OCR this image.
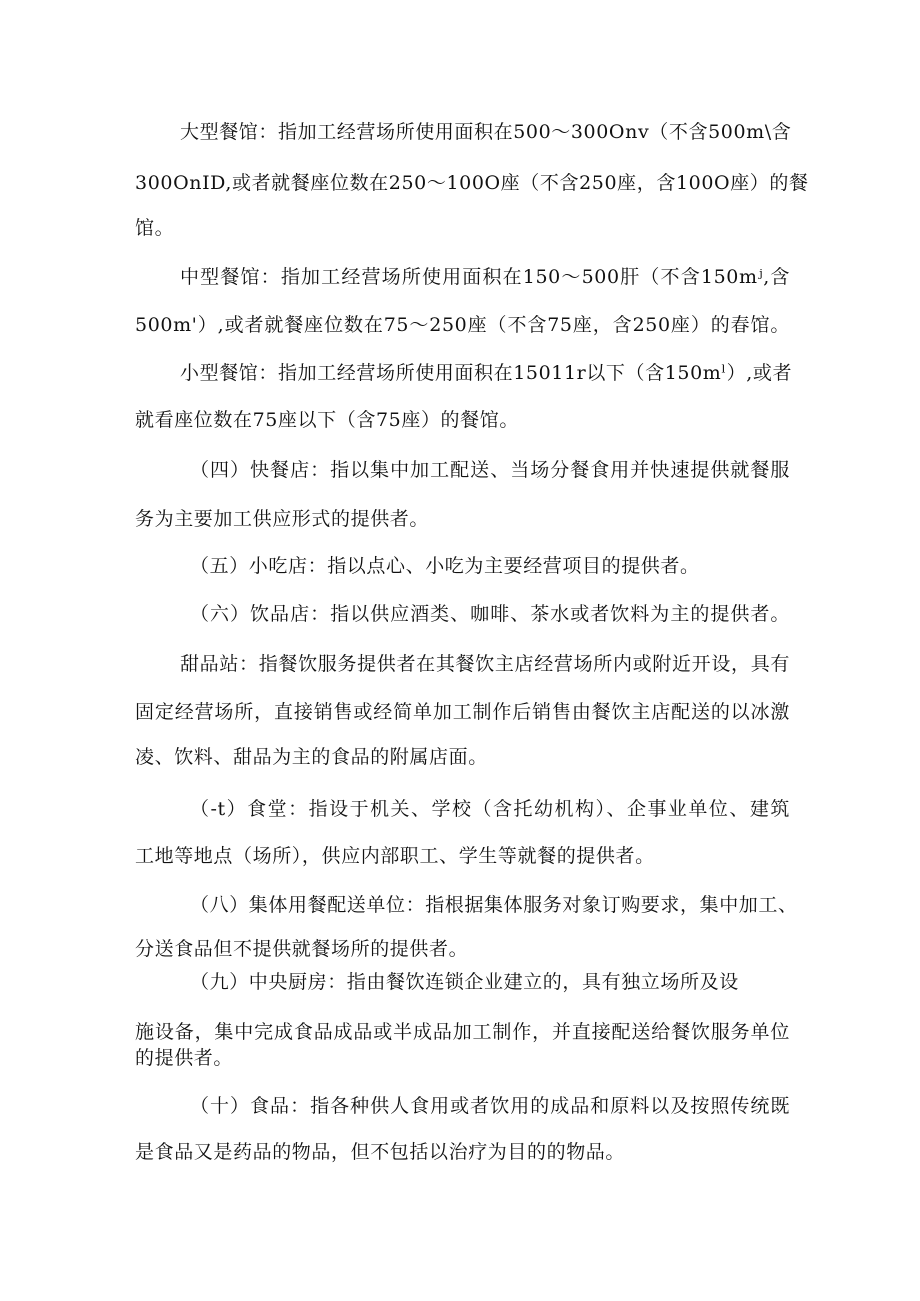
大型餐馆：指加工经营场所使用面积在500～300Onv（不含500m\含
300OnID,或者就餐座位数在250～100O座（不含250座，含100O座）的餐
馆。
中型餐馆：指加工经营场所使用面积在150～500肝（不含150mʲ,含
500m'）,或者就餐座位数在75～250座（不含75座，含250座）的春馆。
小型餐馆：指加工经营场所使用面积在15011r以下（含150mˡ）,或者
就看座位数在75座以下（含75座）的餐馆。
（四）快餐店：指以集中加工配送、当场分餐食用并快速提供就餐服
务为主要加工供应形式的提供者。
（五）小吃店：指以点心、小吃为主要经营项目的提供者。
（六）饮品店：指以供应酒类、咖啡、茶水或者饮料为主的提供者。
甜品站：指餐饮服务提供者在其餐饮主店经营场所内或附近开设，具有
固定经营场所，直接销售或经简单加工制作后销售由餐饮主店配送的以冰激
凌、饮料、甜品为主的食品的附属店面。
（-t）食堂：指设于机关、学校（含托幼机构）、企事业单位、建筑
工地等地点（场所），供应内部职工、学生等就餐的提供者。
（八）集体用餐配送单位：指根据集体服务对象订购要求，集中加工、
分送食品但不提供就餐场所的提供者。
（九）中央厨房：指由餐饮连锁企业建立的，具有独立场所及设
施设备，集中完成食品成品或半成品加工制作，并直接配送给餐饮服务单位
的提供者。
（十）食品：指各种供人食用或者饮用的成品和原料以及按照传统既
是食品又是药品的物品，但不包括以治疗为目的的物品。
